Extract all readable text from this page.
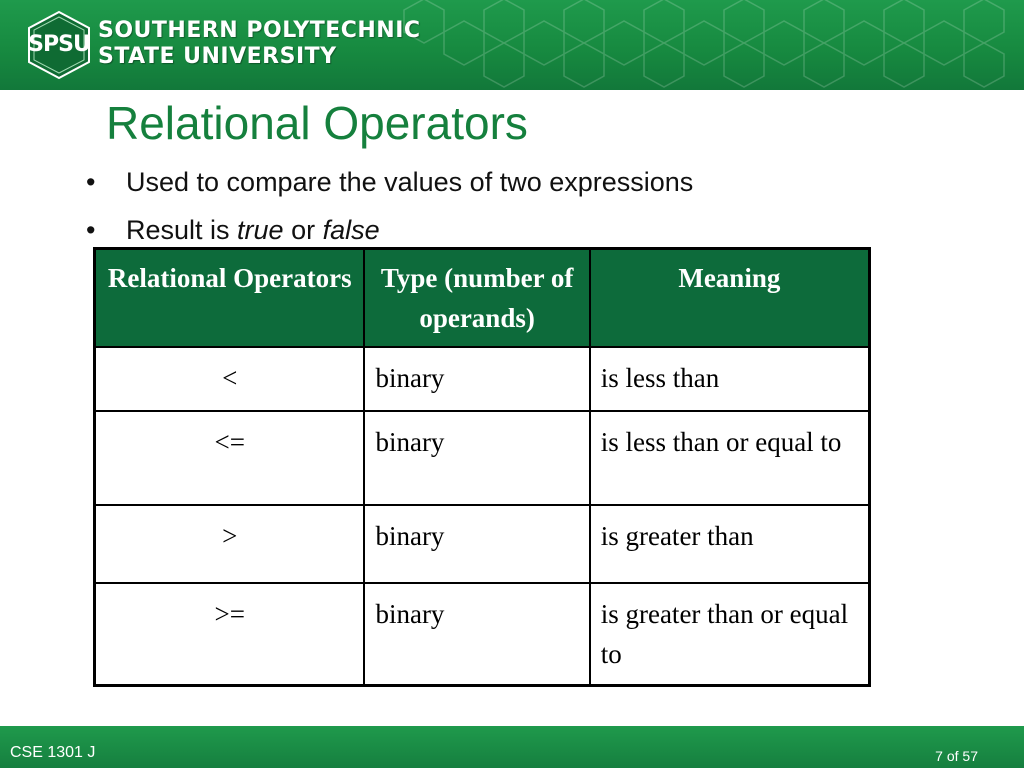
SPSU
SOUTHERN POLYTECHNIC
STATE UNIVERSITY
Relational Operators
• Used to compare the values of two expressions
• Result is true or false
Relational Operators	Type (number of operands)	Meaning
<	binary	is less than
<=	binary	is less than or equal to
>	binary	is greater than
>=	binary	is greater than or equal to
CSE 1301 J	7 of 57
